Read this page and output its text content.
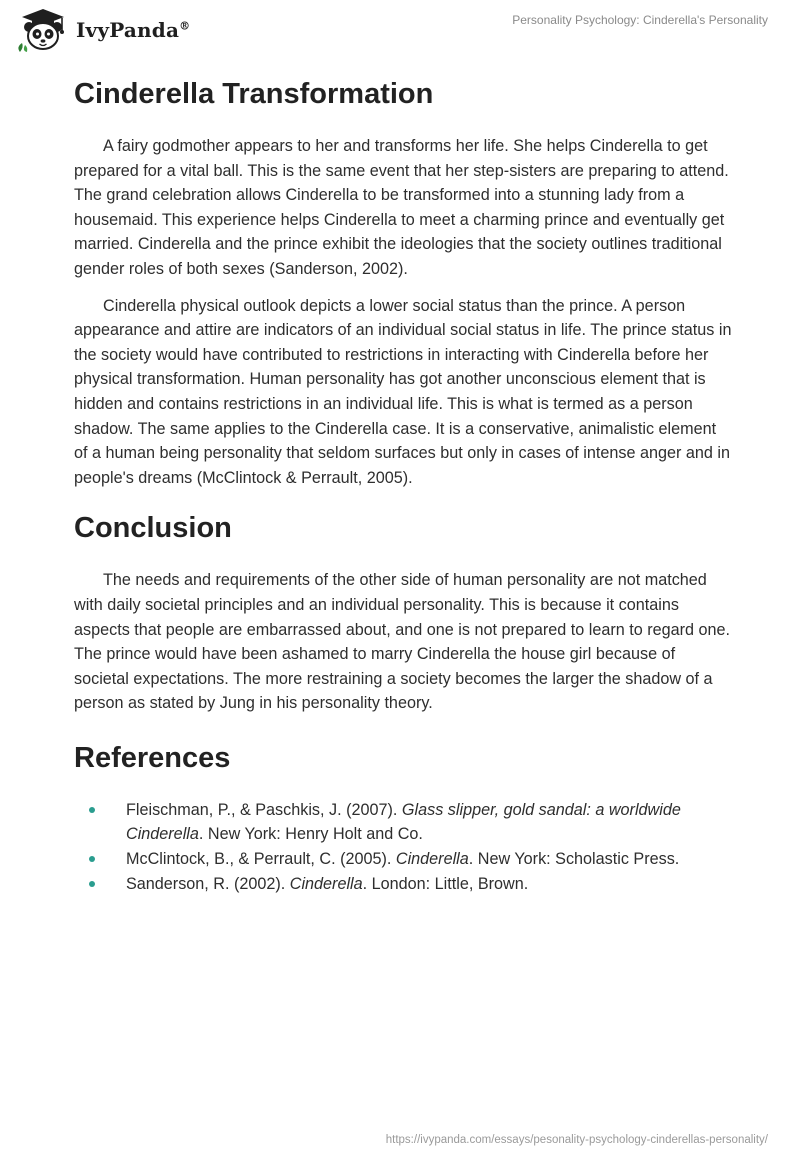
IvyPanda®	Personality Psychology: Cinderella's Personality
Cinderella Transformation

A fairy godmother appears to her and transforms her life. She helps Cinderella to get prepared for a vital ball. This is the same event that her step-sisters are preparing to attend. The grand celebration allows Cinderella to be transformed into a stunning lady from a housemaid. This experience helps Cinderella to meet a charming prince and eventually get married. Cinderella and the prince exhibit the ideologies that the society outlines traditional gender roles of both sexes (Sanderson, 2002).

Cinderella physical outlook depicts a lower social status than the prince. A person appearance and attire are indicators of an individual social status in life. The prince status in the society would have contributed to restrictions in interacting with Cinderella before her physical transformation. Human personality has got another unconscious element that is hidden and contains restrictions in an individual life. This is what is termed as a person shadow. The same applies to the Cinderella case. It is a conservative, animalistic element of a human being personality that seldom surfaces but only in cases of intense anger and in people's dreams (McClintock & Perrault, 2005).

Conclusion

The needs and requirements of the other side of human personality are not matched with daily societal principles and an individual personality. This is because it contains aspects that people are embarrassed about, and one is not prepared to learn to regard one. The prince would have been ashamed to marry Cinderella the house girl because of societal expectations. The more restraining a society becomes the larger the shadow of a person as stated by Jung in his personality theory.

References
Fleischman, P., & Paschkis, J. (2007). Glass slipper, gold sandal: a worldwide Cinderella. New York: Henry Holt and Co.
McClintock, B., & Perrault, C. (2005). Cinderella. New York: Scholastic Press.
Sanderson, R. (2002). Cinderella. London: Little, Brown.
https://ivypanda.com/essays/pesonality-psychology-cinderellas-personality/
